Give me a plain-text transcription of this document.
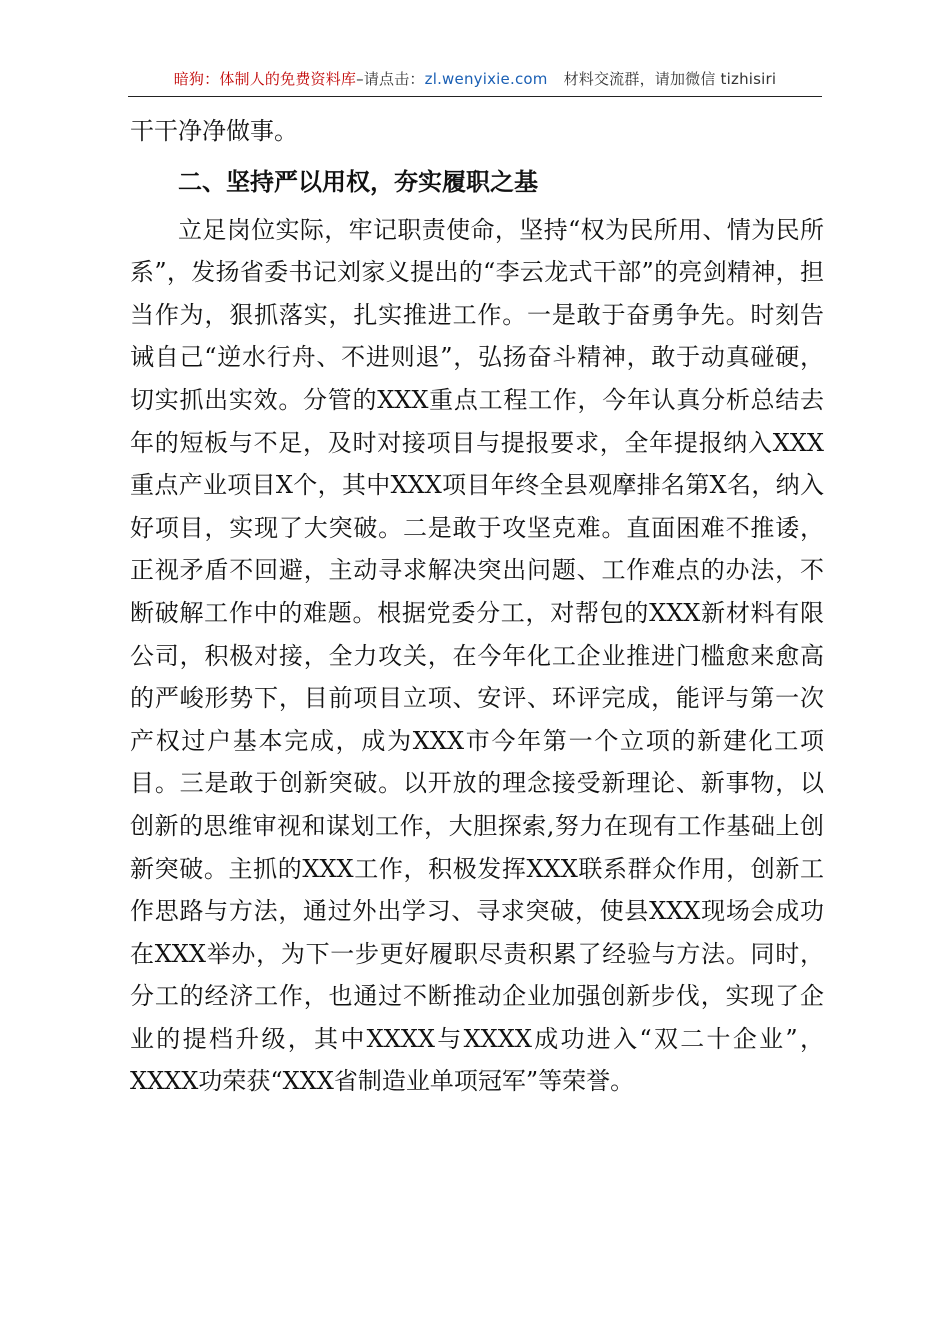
暗狗：体制人的免费资料库–请点击：zl.wenyixie.com 材料交流群，请加微信 tizhisiri

干干净净做事。

二、坚持严以用权，夯实履职之基

立足岗位实际，牢记职责使命，坚持“权为民所用、情为民所系”，发扬省委书记刘家义提出的“李云龙式干部”的亮剑精神，担当作为，狠抓落实，扎实推进工作。一是敢于奋勇争先。时刻告诫自己“逆水行舟、不进则退”，弘扬奋斗精神，敢于动真碰硬，切实抓出实效。分管的XXX重点工程工作，今年认真分析总结去年的短板与不足，及时对接项目与提报要求，全年提报纳入XXX重点产业项目X个，其中XXX项目年终全县观摩排名第X名，纳入好项目，实现了大突破。二是敢于攻坚克难。直面困难不推诿，正视矛盾不回避，主动寻求解决突出问题、工作难点的办法，不断破解工作中的难题。根据党委分工，对帮包的XXX新材料有限公司，积极对接，全力攻关，在今年化工企业推进门槛愈来愈高的严峻形势下，目前项目立项、安评、环评完成，能评与第一次产权过户基本完成，成为XXX市今年第一个立项的新建化工项目。三是敢于创新突破。以开放的理念接受新理论、新事物，以创新的思维审视和谋划工作，大胆探索,努力在现有工作基础上创新突破。主抓的XXX工作，积极发挥XXX联系群众作用，创新工作思路与方法，通过外出学习、寻求突破，使县XXX现场会成功在XXX举办，为下一步更好履职尽责积累了经验与方法。同时，分工的经济工作，也通过不断推动企业加强创新步伐，实现了企业的提档升级，其中XXXX与XXXX成功进入“双二十企业”，XXXX功荣获“XXX省制造业单项冠军”等荣誉。
